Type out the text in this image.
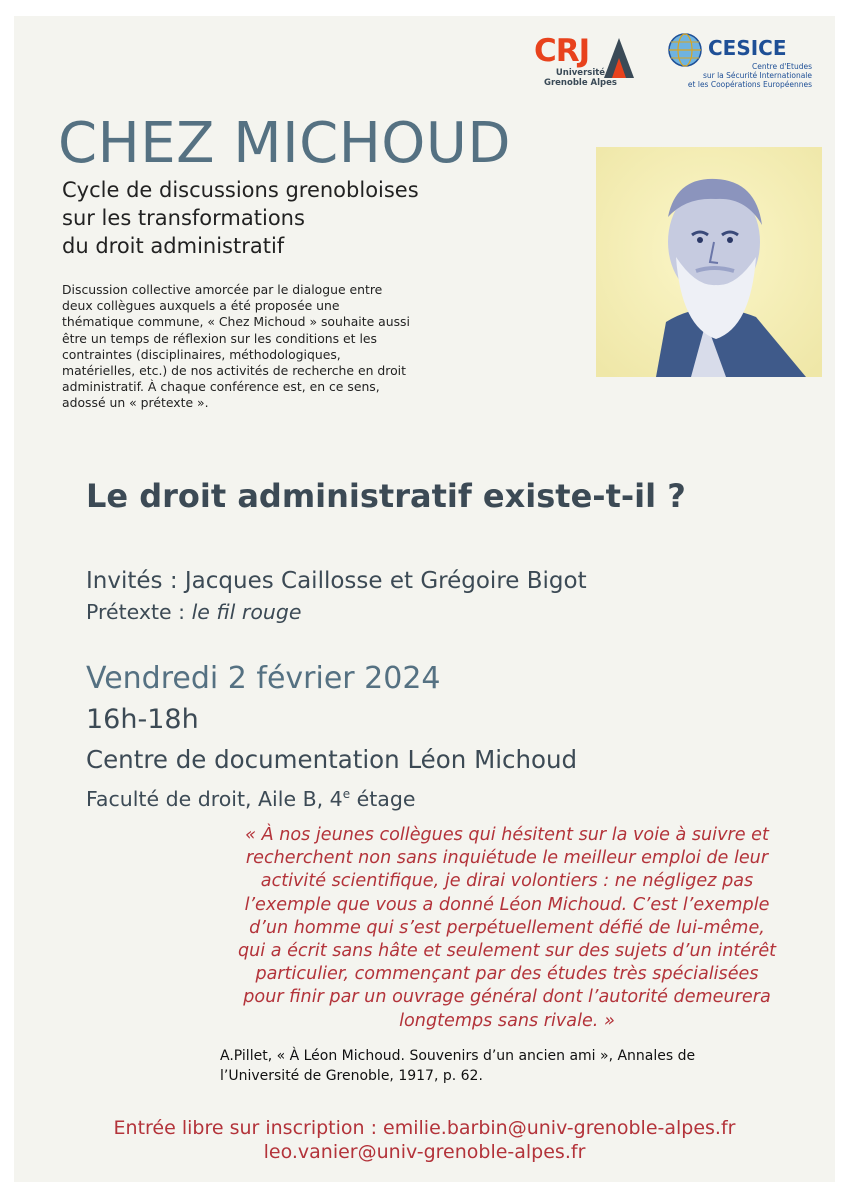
CRJ
Université
Grenoble Alpes
CESICE
Centre d'Etudes
sur la Sécurité Internationale
et les Coopérations Européennes
CHEZ MICHOUD
Cycle de discussions grenobloises
sur les transformations
du droit administratif
Discussion collective amorcée par le dialogue entre
deux collègues auxquels a été proposée une
thématique commune, « Chez Michoud » souhaite aussi
être un temps de réflexion sur les conditions et les
contraintes (disciplinaires, méthodologiques,
matérielles, etc.) de nos activités de recherche en droit
administratif. À chaque conférence est, en ce sens,
adossé un « prétexte ».
Le droit administratif existe-t-il ?
Invités : Jacques Caillosse et Grégoire Bigot
Prétexte : le fil rouge
Vendredi 2 février 2024
16h-18h
Centre de documentation Léon Michoud
Faculté de droit, Aile B, 4e étage
« À nos jeunes collègues qui hésitent sur la voie à suivre et
recherchent non sans inquiétude le meilleur emploi de leur
activité scientifique, je dirai volontiers : ne négligez pas
l’exemple que vous a donné Léon Michoud. C’est l’exemple
d’un homme qui s’est perpétuellement défié de lui-même,
qui a écrit sans hâte et seulement sur des sujets d’un intérêt
particulier, commençant par des études très spécialisées
pour finir par un ouvrage général dont l’autorité demeurera
longtemps sans rivale. »
A.Pillet, « À Léon Michoud. Souvenirs d’un ancien ami », Annales de
l’Université de Grenoble, 1917, p. 62.
Entrée libre sur inscription : emilie.barbin@univ-grenoble-alpes.fr
leo.vanier@univ-grenoble-alpes.fr
